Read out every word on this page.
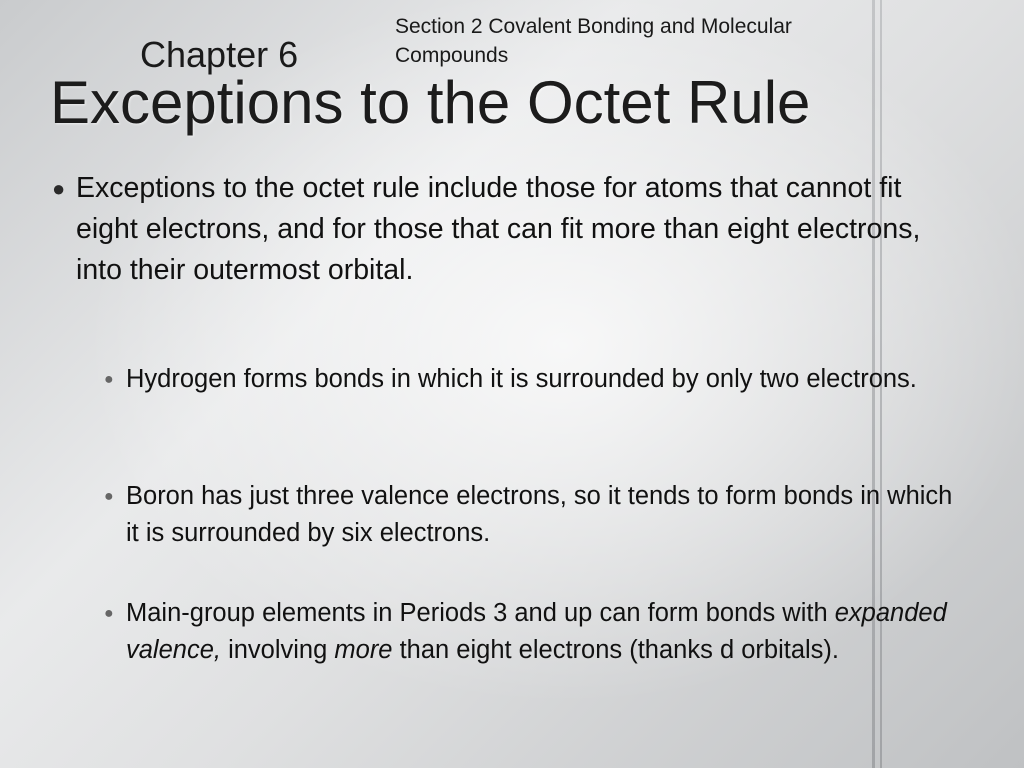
Chapter 6
Section 2 Covalent Bonding and Molecular Compounds
Exceptions to the Octet Rule
● Exceptions to the octet rule include those for atoms that cannot fit eight electrons, and for those that can fit more than eight electrons, into their outermost orbital.
● Hydrogen forms bonds in which it is surrounded by only two electrons.
● Boron has just three valence electrons, so it tends to form bonds in which it is surrounded by six electrons.
● Main-group elements in Periods 3 and up can form bonds with expanded valence, involving more than eight electrons (thanks d orbitals).
